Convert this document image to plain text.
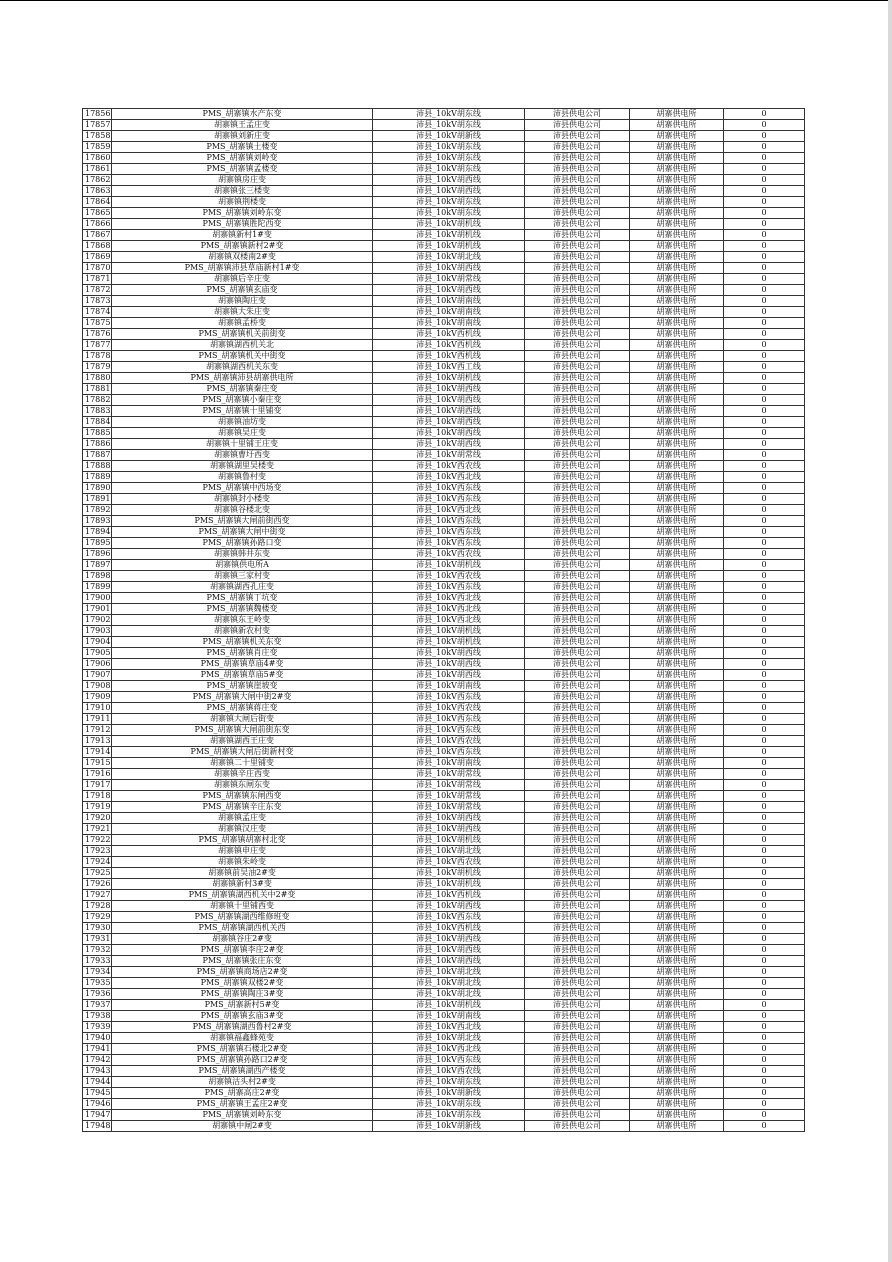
17856	PMS_胡寨镇水产东变	沛县_10kV胡东线	沛县供电公司	胡寨供电所	0
17857	胡寨镇王孟庄变	沛县_10kV胡东线	沛县供电公司	胡寨供电所	0
17858	胡寨镇刘新庄变	沛县_10kV胡新线	沛县供电公司	胡寨供电所	0
17859	PMS_胡寨镇土楼变	沛县_10kV胡东线	沛县供电公司	胡寨供电所	0
17860	PMS_胡寨镇刘岭变	沛县_10kV胡东线	沛县供电公司	胡寨供电所	0
17861	PMS_胡寨镇孟楼变	沛县_10kV胡东线	沛县供电公司	胡寨供电所	0
17862	胡寨镇房庄变	沛县_10kV胡西线	沛县供电公司	胡寨供电所	0
17863	胡寨镇张三楼变	沛县_10kV胡西线	沛县供电公司	胡寨供电所	0
17864	胡寨镇荆楼变	沛县_10kV胡东线	沛县供电公司	胡寨供电所	0
17865	PMS_胡寨镇刘岭东变	沛县_10kV胡东线	沛县供电公司	胡寨供电所	0
17866	PMS_胡寨镇胜陀西变	沛县_10kV胡机线	沛县供电公司	胡寨供电所	0
17867	胡寨镇新村1#变	沛县_10kV胡机线	沛县供电公司	胡寨供电所	0
17868	PMS_胡寨镇新村2#变	沛县_10kV胡机线	沛县供电公司	胡寨供电所	0
17869	胡寨镇双楼南2#变	沛县_10kV胡北线	沛县供电公司	胡寨供电所	0
17870	PMS_胡寨镇沛县草庙新村1#变	沛县_10kV胡西线	沛县供电公司	胡寨供电所	0
17871	胡寨镇后辛庄变	沛县_10kV胡常线	沛县供电公司	胡寨供电所	0
17872	PMS_胡寨镇玄庙变	沛县_10kV胡西线	沛县供电公司	胡寨供电所	0
17873	胡寨镇陶庄变	沛县_10kV胡南线	沛县供电公司	胡寨供电所	0
17874	胡寨镇大朱庄变	沛县_10kV胡南线	沛县供电公司	胡寨供电所	0
17875	胡寨镇孟桥变	沛县_10kV胡南线	沛县供电公司	胡寨供电所	0
17876	PMS_胡寨镇机关前街变	沛县_10kV西机线	沛县供电公司	胡寨供电所	0
17877	胡寨镇湖西机关北	沛县_10kV西机线	沛县供电公司	胡寨供电所	0
17878	PMS_胡寨镇机关中街变	沛县_10kV西机线	沛县供电公司	胡寨供电所	0
17879	胡寨镇湖西机关东变	沛县_10kV西工线	沛县供电公司	胡寨供电所	0
17880	PMS_胡寨镇沛县胡寨供电所	沛县_10kV胡机线	沛县供电公司	胡寨供电所	0
17881	PMS_胡寨镇秦庄变	沛县_10kV胡西线	沛县供电公司	胡寨供电所	0
17882	PMS_胡寨镇小秦庄变	沛县_10kV胡西线	沛县供电公司	胡寨供电所	0
17883	PMS_胡寨镇十里铺变	沛县_10kV胡西线	沛县供电公司	胡寨供电所	0
17884	胡寨镇油坊变	沛县_10kV胡西线	沛县供电公司	胡寨供电所	0
17885	胡寨镇吴庄变	沛县_10kV胡西线	沛县供电公司	胡寨供电所	0
17886	胡寨镇十里铺王庄变	沛县_10kV胡西线	沛县供电公司	胡寨供电所	0
17887	胡寨镇曹圩西变	沛县_10kV胡常线	沛县供电公司	胡寨供电所	0
17888	胡寨镇湖里吴楼变	沛县_10kV西农线	沛县供电公司	胡寨供电所	0
17889	胡寨镇鲁村变	沛县_10kV西北线	沛县供电公司	胡寨供电所	0
17890	PMS_胡寨镇中西场变	沛县_10kV西东线	沛县供电公司	胡寨供电所	0
17891	胡寨镇封小楼变	沛县_10kV西东线	沛县供电公司	胡寨供电所	0
17892	胡寨镇谷楼北变	沛县_10kV西北线	沛县供电公司	胡寨供电所	0
17893	PMS_胡寨镇大闸前街西变	沛县_10kV西东线	沛县供电公司	胡寨供电所	0
17894	PMS_胡寨镇大闸中街变	沛县_10kV西东线	沛县供电公司	胡寨供电所	0
17895	PMS_胡寨镇孙路口变	沛县_10kV西东线	沛县供电公司	胡寨供电所	0
17896	胡寨镇韩井东变	沛县_10kV西农线	沛县供电公司	胡寨供电所	0
17897	胡寨镇供电所A	沛县_10kV胡机线	沛县供电公司	胡寨供电所	0
17898	胡寨镇三家村变	沛县_10kV西农线	沛县供电公司	胡寨供电所	0
17899	胡寨镇湖西孔庄变	沛县_10kV西东线	沛县供电公司	胡寨供电所	0
17900	PMS_胡寨镇丁坑变	沛县_10kV西北线	沛县供电公司	胡寨供电所	0
17901	PMS_胡寨镇魏楼变	沛县_10kV西北线	沛县供电公司	胡寨供电所	0
17902	胡寨镇东王岭变	沛县_10kV西北线	沛县供电公司	胡寨供电所	0
17903	胡寨镇新农村变	沛县_10kV胡机线	沛县供电公司	胡寨供电所	0
17904	PMS_胡寨镇机关东变	沛县_10kV胡机线	沛县供电公司	胡寨供电所	0
17905	PMS_胡寨镇肖庄变	沛县_10kV胡西线	沛县供电公司	胡寨供电所	0
17906	PMS_胡寨镇草庙4#变	沛县_10kV胡西线	沛县供电公司	胡寨供电所	0
17907	PMS_胡寨镇草庙5#变	沛县_10kV胡西线	沛县供电公司	胡寨供电所	0
17908	PMS_胡寨镇崖坡变	沛县_10kV胡南线	沛县供电公司	胡寨供电所	0
17909	PMS_胡寨镇大闸中街2#变	沛县_10kV西东线	沛县供电公司	胡寨供电所	0
17910	PMS_胡寨镇蒋庄变	沛县_10kV西农线	沛县供电公司	胡寨供电所	0
17911	胡寨镇大闸后街变	沛县_10kV西东线	沛县供电公司	胡寨供电所	0
17912	PMS_胡寨镇大闸前街东变	沛县_10kV西东线	沛县供电公司	胡寨供电所	0
17913	胡寨镇湖西王庄变	沛县_10kV西农线	沛县供电公司	胡寨供电所	0
17914	PMS_胡寨镇大闸后街新村变	沛县_10kV西东线	沛县供电公司	胡寨供电所	0
17915	胡寨镇二十里铺变	沛县_10kV胡南线	沛县供电公司	胡寨供电所	0
17916	胡寨镇辛庄西变	沛县_10kV胡常线	沛县供电公司	胡寨供电所	0
17917	胡寨镇东闸东变	沛县_10kV胡常线	沛县供电公司	胡寨供电所	0
17918	PMS_胡寨镇东闸西变	沛县_10kV胡常线	沛县供电公司	胡寨供电所	0
17919	PMS_胡寨镇辛庄东变	沛县_10kV胡常线	沛县供电公司	胡寨供电所	0
17920	胡寨镇孟庄变	沛县_10kV胡西线	沛县供电公司	胡寨供电所	0
17921	胡寨镇汉庄变	沛县_10kV胡西线	沛县供电公司	胡寨供电所	0
17922	PMS_胡寨镇胡寨村北变	沛县_10kV胡机线	沛县供电公司	胡寨供电所	0
17923	胡寨镇申庄变	沛县_10kV胡北线	沛县供电公司	胡寨供电所	0
17924	胡寨镇朱岭变	沛县_10kV西农线	沛县供电公司	胡寨供电所	0
17925	胡寨镇前吴油2#变	沛县_10kV胡机线	沛县供电公司	胡寨供电所	0
17926	胡寨镇新村3#变	沛县_10kV胡机线	沛县供电公司	胡寨供电所	0
17927	PMS_胡寨镇湖西机关中2#变	沛县_10kV西机线	沛县供电公司	胡寨供电所	0
17928	胡寨镇十里铺西变	沛县_10kV胡西线	沛县供电公司	胡寨供电所	0
17929	PMS_胡寨镇湖西维修班变	沛县_10kV西东线	沛县供电公司	胡寨供电所	0
17930	PMS_胡寨镇湖西机关西	沛县_10kV西机线	沛县供电公司	胡寨供电所	0
17931	胡寨镇谷庄2#变	沛县_10kV胡西线	沛县供电公司	胡寨供电所	0
17932	PMS_胡寨镇李庄2#变	沛县_10kV胡西线	沛县供电公司	胡寨供电所	0
17933	PMS_胡寨镇张庄东变	沛县_10kV胡西线	沛县供电公司	胡寨供电所	0
17934	PMS_胡寨镇商场店2#变	沛县_10kV胡北线	沛县供电公司	胡寨供电所	0
17935	PMS_胡寨镇双楼2#变	沛县_10kV胡北线	沛县供电公司	胡寨供电所	0
17936	PMS_胡寨镇陶庄3#变	沛县_10kV胡北线	沛县供电公司	胡寨供电所	0
17937	PMS_胡寨新村5#变	沛县_10kV胡机线	沛县供电公司	胡寨供电所	0
17938	PMS_胡寨镇玄庙3#变	沛县_10kV胡南线	沛县供电公司	胡寨供电所	0
17939	PMS_胡寨镇湖西鲁村2#变	沛县_10kV西北线	沛县供电公司	胡寨供电所	0
17940	胡寨镇福鑫蜂苑变	沛县_10kV胡北线	沛县供电公司	胡寨供电所	0
17941	PMS_胡寨镇石楼北2#变	沛县_10kV西北线	沛县供电公司	胡寨供电所	0
17942	PMS_胡寨镇孙路口2#变	沛县_10kV西东线	沛县供电公司	胡寨供电所	0
17943	PMS_胡寨镇湖西产楼变	沛县_10kV西农线	沛县供电公司	胡寨供电所	0
17944	胡寨镇沽头村2#变	沛县_10kV胡东线	沛县供电公司	胡寨供电所	0
17945	PMS_胡寨高庄2#变	沛县_10kV胡新线	沛县供电公司	胡寨供电所	0
17946	PMS_胡寨镇王孟庄2#变	沛县_10kV胡东线	沛县供电公司	胡寨供电所	0
17947	PMS_胡寨镇刘岭东变	沛县_10kV胡东线	沛县供电公司	胡寨供电所	0
17948	胡寨镇中闸2#变	沛县_10kV胡新线	沛县供电公司	胡寨供电所	0
